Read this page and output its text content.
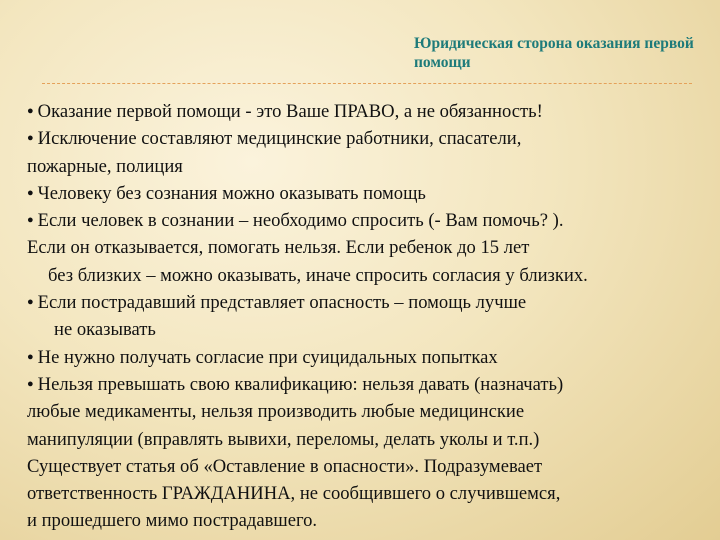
Юридическая сторона оказания первой помощи
● Оказание первой помощи - это Ваше ПРАВО, а не обязанность!
● Исключение составляют медицинские работники, спасатели,
пожарные, полиция
● Человеку без сознания можно оказывать помощь
● Если человек в сознании – необходимо спросить (- Вам помочь? ).
Если он отказывается, помогать нельзя. Если ребенок до 15 лет
без близких – можно оказывать, иначе спросить согласия у близких.
● Если пострадавший представляет опасность – помощь лучше
не оказывать
● Не нужно получать согласие при суицидальных попытках
● Нельзя превышать свою квалификацию: нельзя давать (назначать)
любые медикаменты, нельзя производить любые медицинские
манипуляции (вправлять вывихи, переломы, делать уколы и т.п.)
Существует статья об «Оставление в опасности». Подразумевает
ответственность ГРАЖДАНИНА, не сообщившего о случившемся,
и прошедшего мимо пострадавшего.
